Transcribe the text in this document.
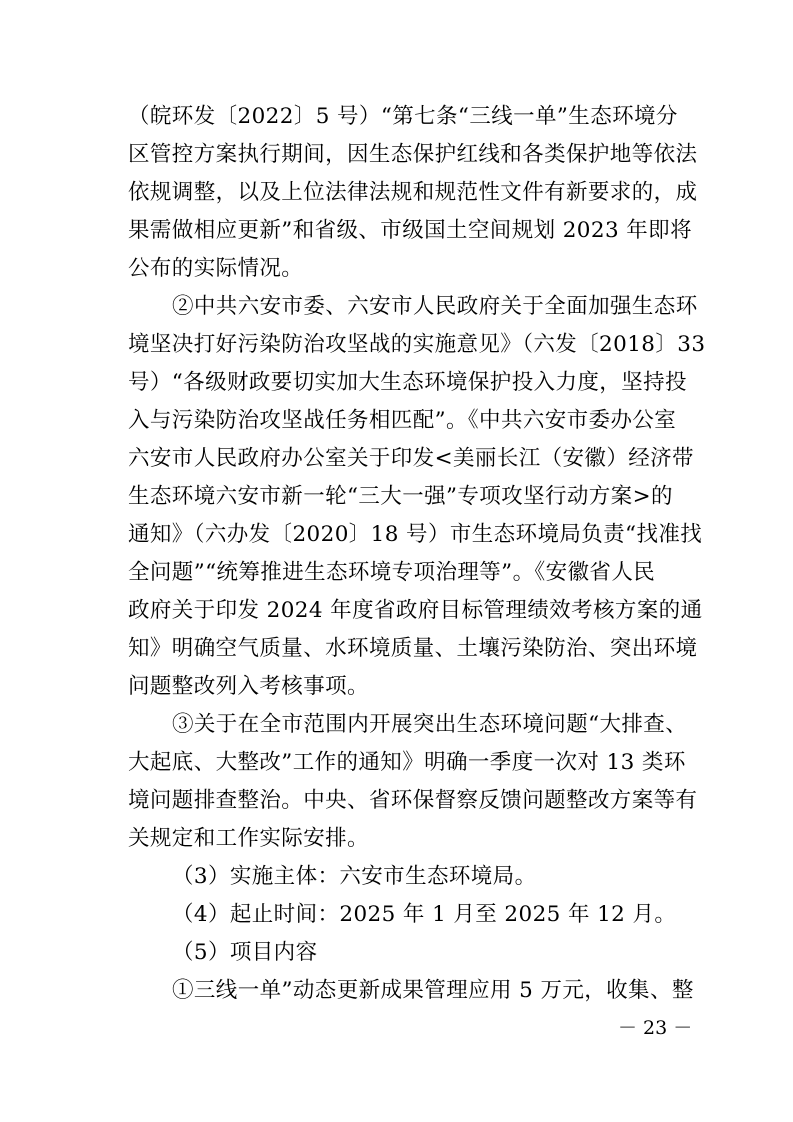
（皖环发〔2022〕5 号）“第七条“三线一单”生态环境分
区管控方案执行期间，因生态保护红线和各类保护地等依法
依规调整，以及上位法律法规和规范性文件有新要求的，成
果需做相应更新”和省级、市级国土空间规划 2023 年即将
公布的实际情况。
②中共六安市委、六安市人民政府关于全面加强生态环
境坚决打好污染防治攻坚战的实施意见》（六发〔2018〕33
号）“各级财政要切实加大生态环境保护投入力度，坚持投
入与污染防治攻坚战任务相匹配”。《中共六安市委办公室
六安市人民政府办公室关于印发<美丽长江（安徽）经济带
生态环境六安市新一轮“三大一强”专项攻坚行动方案>的
通知》（六办发〔2020〕18 号）市生态环境局负责“找准找
全问题”“统筹推进生态环境专项治理等”。《安徽省人民
政府关于印发 2024 年度省政府目标管理绩效考核方案的通
知》明确空气质量、水环境质量、土壤污染防治、突出环境
问题整改列入考核事项。
③关于在全市范围内开展突出生态环境问题“大排查、
大起底、大整改”工作的通知》明确一季度一次对 13 类环
境问题排查整治。中央、省环保督察反馈问题整改方案等有
关规定和工作实际安排。
（3）实施主体：六安市生态环境局。
（4）起止时间：2025 年 1 月至 2025 年 12 月。
（5）项目内容
①三线一单”动态更新成果管理应用 5 万元，收集、整
－ 23 －
